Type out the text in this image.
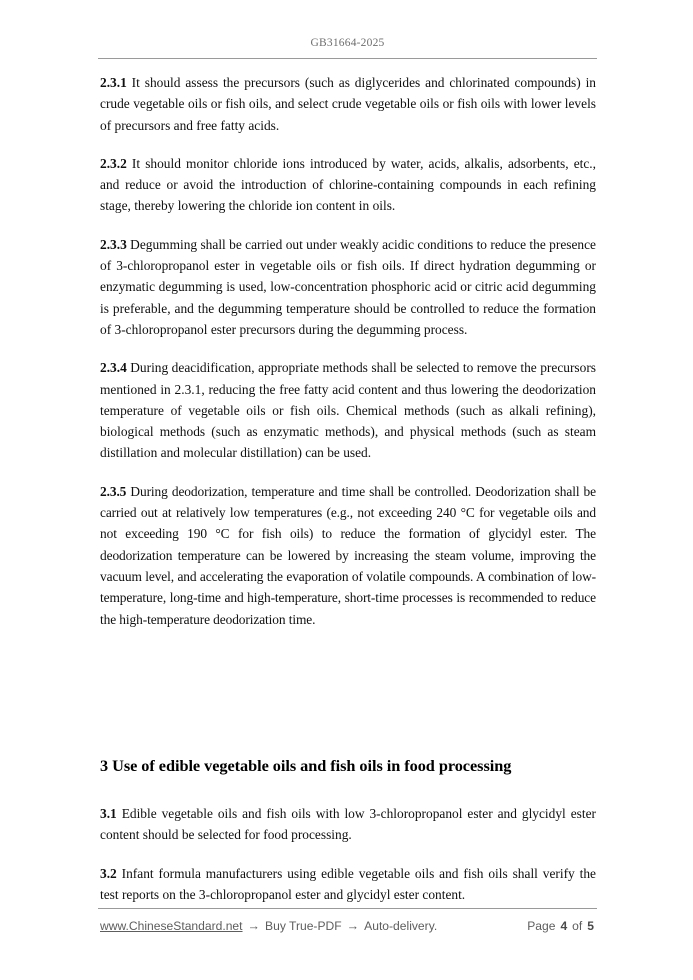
GB31664-2025

2.3.1 It should assess the precursors (such as diglycerides and chlorinated compounds) in crude vegetable oils or fish oils, and select crude vegetable oils or fish oils with lower levels of precursors and free fatty acids.

2.3.2 It should monitor chloride ions introduced by water, acids, alkalis, adsorbents, etc., and reduce or avoid the introduction of chlorine-containing compounds in each refining stage, thereby lowering the chloride ion content in oils.

2.3.3 Degumming shall be carried out under weakly acidic conditions to reduce the presence of 3-chloropropanol ester in vegetable oils or fish oils. If direct hydration degumming or enzymatic degumming is used, low-concentration phosphoric acid or citric acid degumming is preferable, and the degumming temperature should be controlled to reduce the formation of 3-chloropropanol ester precursors during the degumming process.

2.3.4 During deacidification, appropriate methods shall be selected to remove the precursors mentioned in 2.3.1, reducing the free fatty acid content and thus lowering the deodorization temperature of vegetable oils or fish oils. Chemical methods (such as alkali refining), biological methods (such as enzymatic methods), and physical methods (such as steam distillation and molecular distillation) can be used.

2.3.5 During deodorization, temperature and time shall be controlled. Deodorization shall be carried out at relatively low temperatures (e.g., not exceeding 240 °C for vegetable oils and not exceeding 190 °C for fish oils) to reduce the formation of glycidyl ester. The deodorization temperature can be lowered by increasing the steam volume, improving the vacuum level, and accelerating the evaporation of volatile compounds. A combination of low-temperature, long-time and high-temperature, short-time processes is recommended to reduce the high-temperature deodorization time.

3 Use of edible vegetable oils and fish oils in food processing

3.1 Edible vegetable oils and fish oils with low 3-chloropropanol ester and glycidyl ester content should be selected for food processing.

3.2 Infant formula manufacturers using edible vegetable oils and fish oils shall verify the test reports on the 3-chloropropanol ester and glycidyl ester content.

www.ChineseStandard.net → Buy True-PDF → Auto-delivery.	Page 4 of 5
